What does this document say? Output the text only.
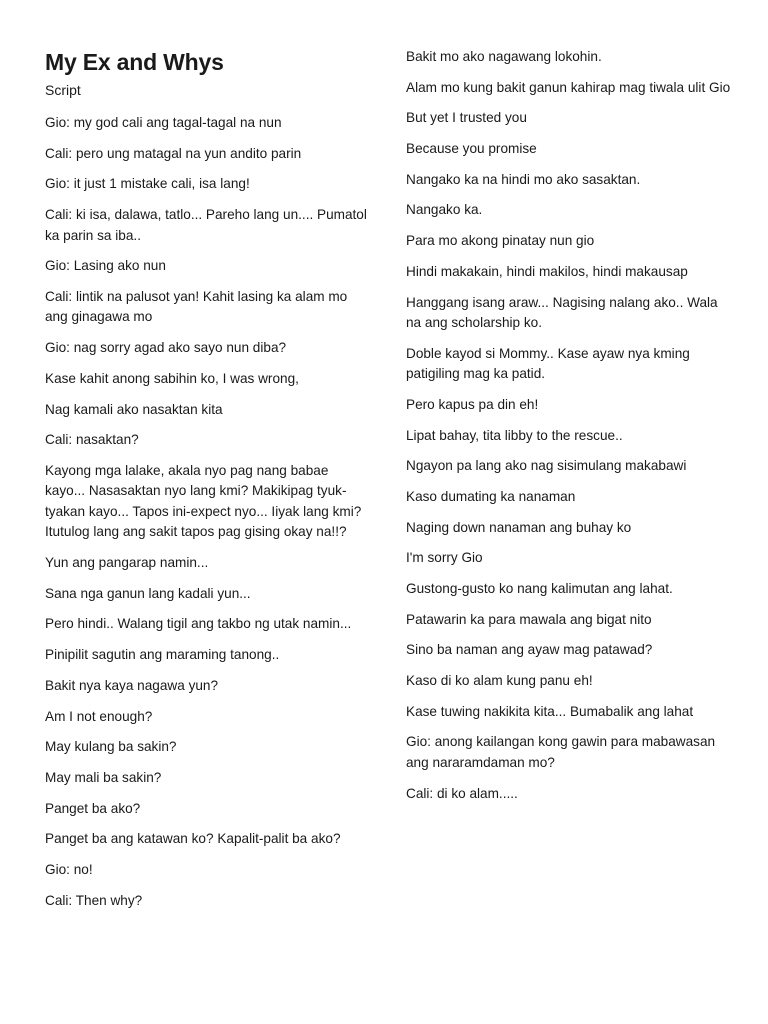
My Ex and Whys
Script

Gio: my god cali ang tagal-tagal na nun

Cali: pero ung matagal na yun andito parin

Gio: it just 1 mistake cali, isa lang!

Cali: ki isa, dalawa, tatlo... Pareho lang un.... Pumatol ka parin sa iba..

Gio: Lasing ako nun

Cali: lintik na palusot yan! Kahit lasing ka alam mo ang ginagawa mo

Gio: nag sorry agad ako sayo nun diba?

Kase kahit anong sabihin ko, I was wrong,

Nag kamali ako nasaktan kita

Cali: nasaktan?

Kayong mga lalake, akala nyo pag nang babae kayo... Nasasaktan nyo lang kmi? Makikipag tyuk-tyakan kayo... Tapos ini-expect nyo... Iiyak lang kmi? Itutulog lang ang sakit tapos pag gising okay na!!?

Yun ang pangarap namin...

Sana nga ganun lang kadali yun...

Pero hindi.. Walang tigil ang takbo ng utak namin...

Pinipilit sagutin ang maraming tanong..

Bakit nya kaya nagawa yun?

Am I not enough?

May kulang ba sakin?

May mali ba sakin?

Panget ba ako?

Panget ba ang katawan ko? Kapalit-palit ba ako?

Gio: no!

Cali: Then why?

Bakit mo ako nagawang lokohin.

Alam mo kung bakit ganun kahirap mag tiwala ulit Gio

But yet I trusted you

Because you promise

Nangako ka na hindi mo ako sasaktan.

Nangako ka.

Para mo akong pinatay nun gio

Hindi makakain, hindi makilos, hindi makausap

Hanggang isang araw... Nagising nalang ako.. Wala na ang scholarship ko.

Doble kayod si Mommy.. Kase ayaw nya kming patigiling mag ka patid.

Pero kapus pa din eh!

Lipat bahay, tita libby to the rescue..

Ngayon pa lang ako nag sisimulang makabawi

Kaso dumating ka nanaman

Naging down nanaman ang buhay ko

I'm sorry Gio

Gustong-gusto ko nang kalimutan ang lahat.

Patawarin ka para mawala ang bigat nito

Sino ba naman ang ayaw mag patawad?

Kaso di ko alam kung panu eh!

Kase tuwing nakikita kita... Bumabalik ang lahat

Gio: anong kailangan kong gawin para mabawasan ang nararamdaman mo?

Cali: di ko alam.....
